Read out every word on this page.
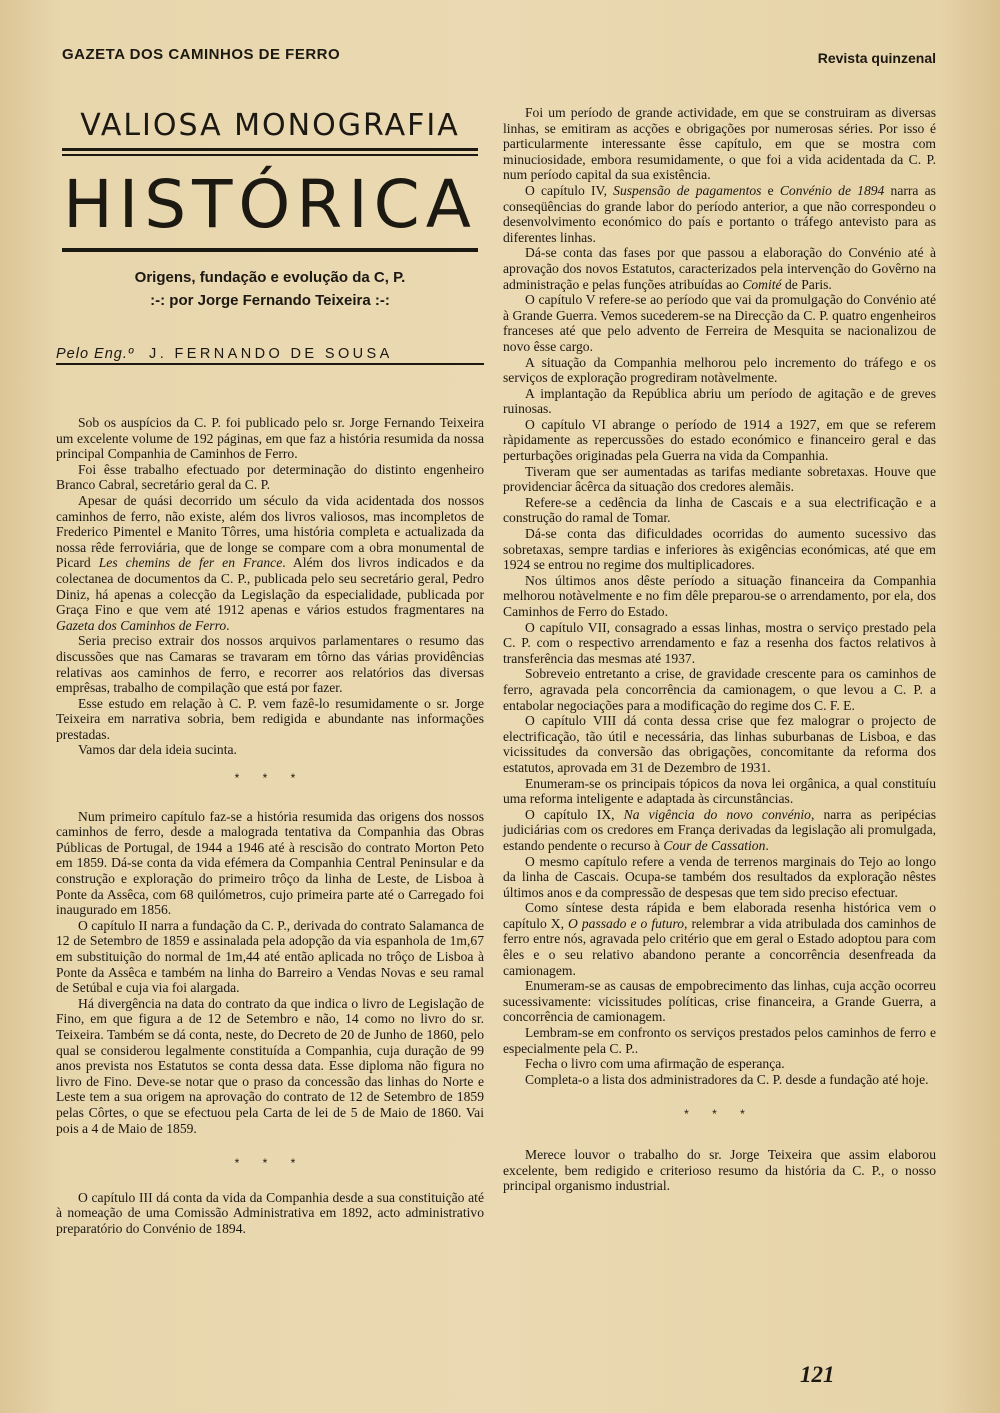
GAZETA DOS CAMINHOS DE FERRO	Revista quinzenal
VALIOSA MONOGRAFIA
HISTÓRICA
Origens, fundação e evolução da C, P.
:-: por Jorge Fernando Teixeira :-:
Pelo Eng.º J. FERNANDO DE SOUSA

Sob os auspícios da C. P. foi publicado pelo sr. Jorge Fernando Teixeira um excelente volume de 192 páginas, em que faz a história resumida da nossa principal Companhia de Caminhos de Ferro.

Foi êsse trabalho efectuado por determinação do distinto engenheiro Branco Cabral, secretário geral da C. P.

Apesar de quási decorrido um século da vida acidentada dos nossos caminhos de ferro, não existe, além dos livros valiosos, mas incompletos de Frederico Pimentel e Manito Tôrres, uma história completa e actualizada da nossa rêde ferroviária, que de longe se compare com a obra monumental de Picard Les chemins de fer en France. Além dos livros indicados e da colectanea de documentos da C. P., publicada pelo seu secretário geral, Pedro Diniz, há apenas a colecção da Legislação da especialidade, publicada por Graça Fino e que vem até 1912 apenas e vários estudos fragmentares na Gazeta dos Caminhos de Ferro.

Seria preciso extrair dos nossos arquivos parlamentares o resumo das discussões que nas Camaras se travaram em tôrno das várias providências relativas aos caminhos de ferro, e recorrer aos relatórios das diversas emprêsas, trabalho de compilação que está por fazer.

Esse estudo em relação à C. P. vem fazê-lo resumidamente o sr. Jorge Teixeira em narrativa sobria, bem redigida e abundante nas informações prestadas.

Vamos dar dela ideia sucinta.

* * *

Num primeiro capítulo faz-se a história resumida das origens dos nossos caminhos de ferro, desde a malograda tentativa da Companhia das Obras Públicas de Portugal, de 1944 a 1946 até à rescisão do contrato Morton Peto em 1859. Dá-se conta da vida efémera da Companhia Central Peninsular e da construção e exploração do primeiro trôço da linha de Leste, de Lisboa à Ponte da Assêca, com 68 quilómetros, cujo primeira parte até o Carregado foi inaugurado em 1856.

O capítulo II narra a fundação da C. P., derivada do contrato Salamanca de 12 de Setembro de 1859 e assinalada pela adopção da via espanhola de 1m,67 em substituição do normal de 1m,44 até então aplicada no trôço de Lisboa à Ponte da Assêca e também na linha do Barreiro a Vendas Novas e seu ramal de Setúbal e cuja via foi alargada.

Há divergência na data do contrato da que indica o livro de Legislação de Fino, em que figura a de 12 de Setembro e não, 14 como no livro do sr. Teixeira. Também se dá conta, neste, do Decreto de 20 de Junho de 1860, pelo qual se considerou legalmente constituída a Companhia, cuja duração de 99 anos prevista nos Estatutos se conta dessa data. Esse diploma não figura no livro de Fino. Deve-se notar que o praso da concessão das linhas do Norte e Leste tem a sua origem na aprovação do contrato de 12 de Setembro de 1859 pelas Côrtes, o que se efectuou pela Carta de lei de 5 de Maio de 1860. Vai pois a 4 de Maio de 1859.

* * *

O capítulo III dá conta da vida da Companhia desde a sua constituição até à nomeação de uma Comissão Administrativa em 1892, acto administrativo preparatório do Convénio de 1894.

Foi um período de grande actividade, em que se construiram as diversas linhas, se emitiram as acções e obrigações por numerosas séries. Por isso é particularmente interessante êsse capítulo, em que se mostra com minuciosidade, embora resumidamente, o que foi a vida acidentada da C. P. num período capital da sua existência.

O capítulo IV, Suspensão de pagamentos e Convénio de 1894 narra as conseqüências do grande labor do período anterior, a que não correspondeu o desenvolvimento económico do país e portanto o tráfego antevisto para as diferentes linhas.

Dá-se conta das fases por que passou a elaboração do Convénio até à aprovação dos novos Estatutos, caracterizados pela intervenção do Govêrno na administração e pelas funções atribuídas ao Comité de Paris.

O capítulo V refere-se ao período que vai da promulgação do Convénio até à Grande Guerra. Vemos sucederem-se na Direcção da C. P. quatro engenheiros franceses até que pelo advento de Ferreira de Mesquita se nacionalizou de novo êsse cargo.

A situação da Companhia melhorou pelo incremento do tráfego e os serviços de exploração progrediram notàvelmente.

A implantação da República abriu um período de agitação e de greves ruinosas.

O capítulo VI abrange o período de 1914 a 1927, em que se referem ràpidamente as repercussões do estado económico e financeiro geral e das perturbações originadas pela Guerra na vida da Companhia.

Tiveram que ser aumentadas as tarifas mediante sobretaxas. Houve que providenciar âcêrca da situação dos credores alemãis.

Refere-se a cedência da linha de Cascais e a sua electrificação e a construção do ramal de Tomar.

Dá-se conta das dificuldades ocorridas do aumento sucessivo das sobretaxas, sempre tardias e inferiores às exigências económicas, até que em 1924 se entrou no regime dos multiplicadores.

Nos últimos anos dêste período a situação financeira da Companhia melhorou notàvelmente e no fim dêle preparou-se o arrendamento, por ela, dos Caminhos de Ferro do Estado.

O capítulo VII, consagrado a essas linhas, mostra o serviço prestado pela C. P. com o respectivo arrendamento e faz a resenha dos factos relativos à transferência das mesmas até 1937.

Sobreveio entretanto a crise, de gravidade crescente para os caminhos de ferro, agravada pela concorrência da camionagem, o que levou a C. P. a entabolar negociações para a modificação do regime dos C. F. E.

O capítulo VIII dá conta dessa crise que fez malograr o projecto de electrificação, tão útil e necessária, das linhas suburbanas de Lisboa, e das vicissitudes da conversão das obrigações, concomitante da reforma dos estatutos, aprovada em 31 de Dezembro de 1931.

Enumeram-se os principais tópicos da nova lei orgânica, a qual constituíu uma reforma inteligente e adaptada às circunstâncias.

O capítulo IX, Na vigência do novo convénio, narra as peripécias judiciárias com os credores em França derivadas da legislação ali promulgada, estando pendente o recurso à Cour de Cassation.

O mesmo capítulo refere a venda de terrenos marginais do Tejo ao longo da linha de Cascais. Ocupa-se também dos resultados da exploração nêstes últimos anos e da compressão de despesas que tem sido preciso efectuar.

Como síntese desta rápida e bem elaborada resenha histórica vem o capítulo X, O passado e o futuro, relembrar a vida atribulada dos caminhos de ferro entre nós, agravada pelo critério que em geral o Estado adoptou para com êles e o seu relativo abandono perante a concorrência desenfreada da camionagem.

Enumeram-se as causas de empobrecimento das linhas, cuja acção ocorreu sucessivamente: vicissitudes políticas, crise financeira, a Grande Guerra, a concorrência de camionagem.

Lembram-se em confronto os serviços prestados pelos caminhos de ferro e especialmente pela C. P..

Fecha o livro com uma afirmação de esperança.

Completa-o a lista dos administradores da C. P. desde a fundação até hoje.

* * *

Merece louvor o trabalho do sr. Jorge Teixeira que assim elaborou excelente, bem redigido e criterioso resumo da história da C. P., o nosso principal organismo industrial.

121
